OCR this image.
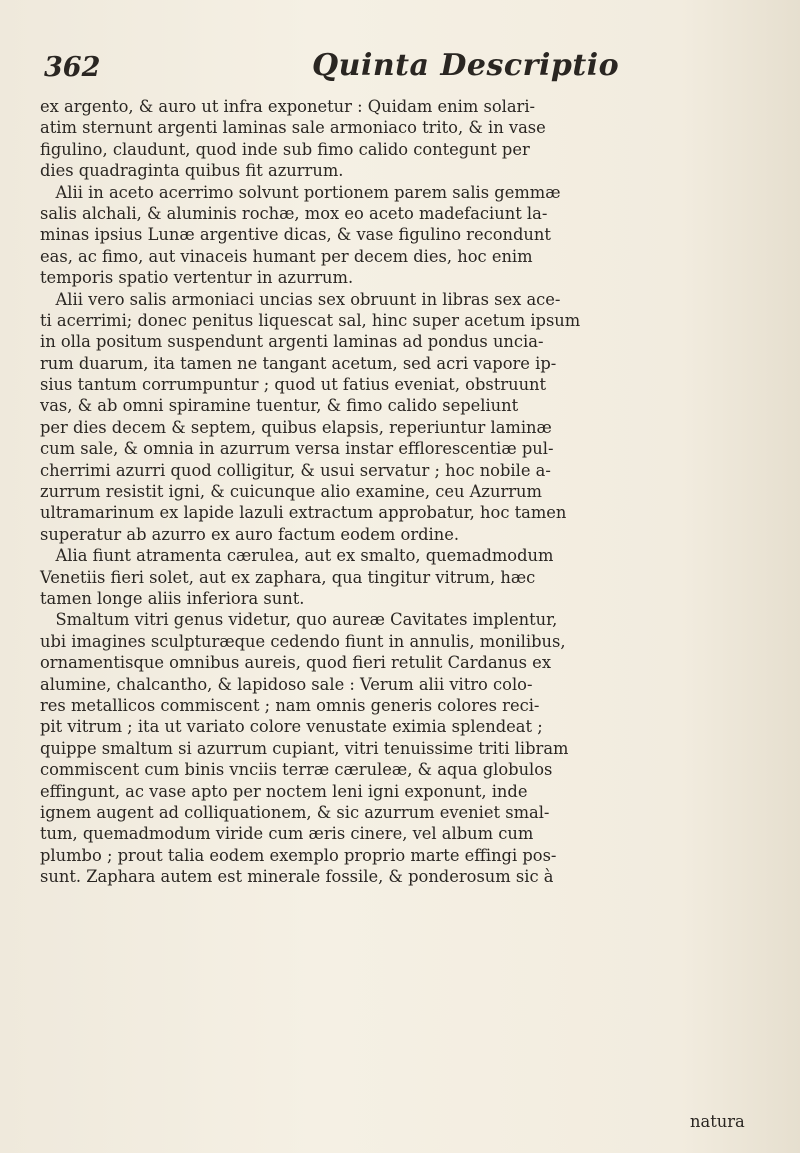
362	Quinta Descriptio
ex argento, & auro ut infra exponetur : Quidam enim solari-
atim sternunt argenti laminas sale armoniaco trito, & in vase
figulino, claudunt, quod inde sub fimo calido contegunt per
dies quadraginta quibus fit azurrum.
Alii in aceto acerrimo solvunt portionem parem salis gemmæ
salis alchali, & aluminis rochæ, mox eo aceto madefaciunt la-
minas ipsius Lunæ argentive dicas, & vase figulino recondunt
eas, ac fimo, aut vinaceis humant per decem dies, hoc enim
temporis spatio vertentur in azurrum.
Alii vero salis armoniaci uncias sex obruunt in libras sex ace-
ti acerrimi; donec penitus liquescat sal, hinc super acetum ipsum
in olla positum suspendunt argenti laminas ad pondus uncia-
rum duarum, ita tamen ne tangant acetum, sed acri vapore ip-
sius tantum corrumpuntur ; quod ut fatius eveniat, obstruunt
vas, & ab omni spiramine tuentur, & fimo calido sepeliunt
per dies decem & septem, quibus elapsis, reperiuntur laminæ
cum sale, & omnia in azurrum versa instar efflorescentiæ pul-
cherrimi azurri quod colligitur, & usui servatur ; hoc nobile a-
zurrum resistit igni, & cuicunque alio examine, ceu Azurrum
ultramarinum ex lapide lazuli extractum approbatur, hoc tamen
superatur ab azurro ex auro factum eodem ordine.
Alia fiunt atramenta cærulea, aut ex smalto, quemadmodum
Venetiis fieri solet, aut ex zaphara, qua tingitur vitrum, hæc
tamen longe aliis inferiora sunt.
Smaltum vitri genus videtur, quo aureæ Cavitates implentur,
ubi imagines sculpturæque cedendo fiunt in annulis, monilibus,
ornamentisque omnibus aureis, quod fieri retulit Cardanus ex
alumine, chalcantho, & lapidoso sale : Verum alii vitro colo-
res metallicos commiscent ; nam omnis generis colores reci-
pit vitrum ; ita ut variato colore venustate eximia splendeat ;
quippe smaltum si azurrum cupiant, vitri tenuissime triti libram
commiscent cum binis vnciis terræ cæruleæ, & aqua globulos
effingunt, ac vase apto per noctem leni igni exponunt, inde
ignem augent ad colliquationem, & sic azurrum eveniet smal-
tum, quemadmodum viride cum æris cinere, vel album cum
plumbo ; prout talia eodem exemplo proprio marte effingi pos-
sunt. Zaphara autem est minerale fossile, & ponderosum sic à
natura
